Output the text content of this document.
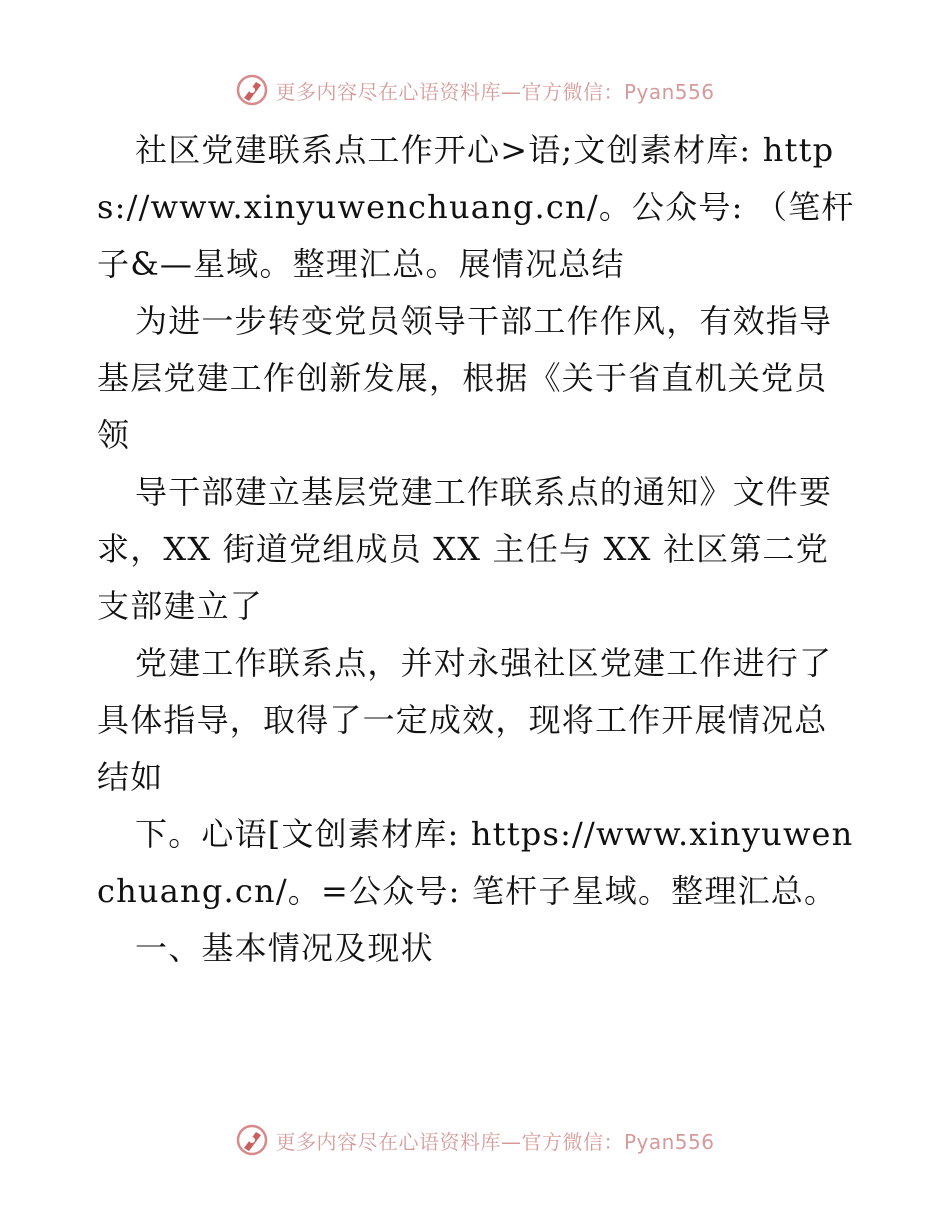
更多内容尽在心语资料库—官方微信：Pyan556

社区党建联系点工作开心>语;文创素材库: https://www.xinyuwenchuang.cn/。公众号: （笔杆子&—星域。整理汇总。展情况总结

为进一步转变党员领导干部工作作风，有效指导基层党建工作创新发展，根据《关于省直机关党员领

导干部建立基层党建工作联系点的通知》文件要求，XX 街道党组成员 XX 主任与 XX 社区第二党支部建立了

党建工作联系点，并对永强社区党建工作进行了具体指导，取得了一定成效，现将工作开展情况总结如

下。心语[文创素材库: https://www.xinyuwenchuang.cn/。=公众号: 笔杆子星域。整理汇总。

一、基本情况及现状

更多内容尽在心语资料库—官方微信：Pyan556
